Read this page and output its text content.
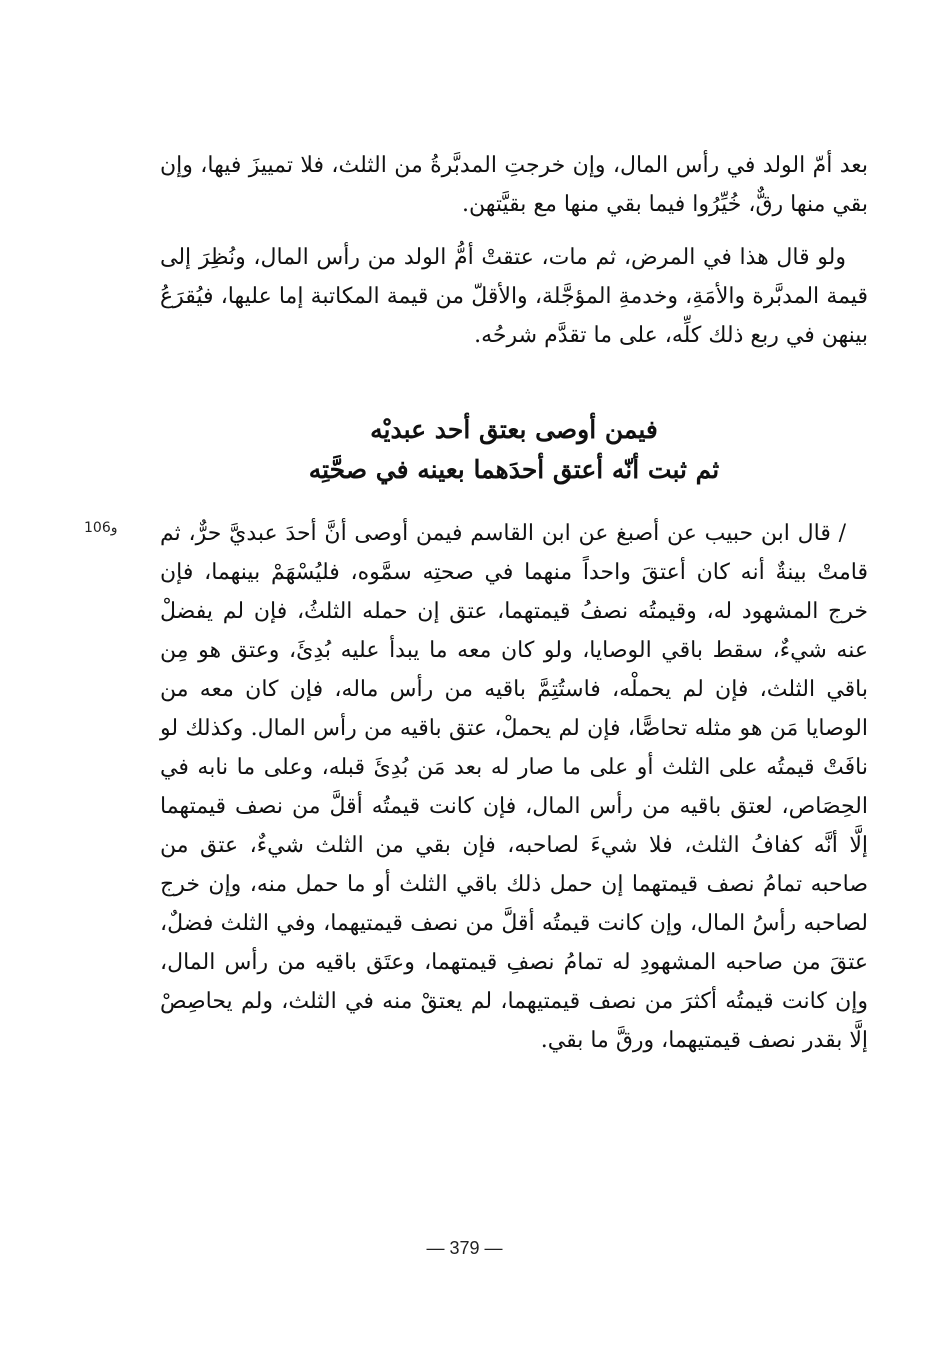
بعد أمّ الولد في رأس المال، وإن خرجتِ المدبَّرةُ من الثلث، فلا تمييزَ فيها، وإن بقي منها رقٌّ، خُيِّرُوا فيما بقي منها مع بقيَّتهن.

ولو قال هذا في المرض، ثم مات، عتقتْ أمُّ الولد من رأس المال، ونُظِرَ إلى قيمة المدبَّرة والأمَةِ، وخدمةِ المؤجَّلة، والأقلّ من قيمة المكاتبة إما عليها، فيُقرَعُ بينهن في ربع ذلك كلِّه، على ما تقدَّم شرحُه.

فيمن أوصى بعتق أحد عبديْه
ثم ثبت أنّه أعتق أحدَهما بعينه في صحَّتِه
و106 / قال ابن حبيب عن أصبغ عن ابن القاسم فيمن أوصى أنَّ أحدَ عبديَّ حرٌّ، ثم قامتْ بينةٌ أنه كان أعتقَ واحداً منهما في صحتِه سمَّوه، فليُسْهَمْ بينهما، فإن خرج المشهود له، وقيمتُه نصفُ قيمتهما، عتق إن حمله الثلثُ، فإن لم يفضلْ عنه شيءٌ، سقط باقي الوصايا، ولو كان معه ما يبدأ عليه بُدِئَ، وعتق هو مِن باقي الثلث، فإن لم يحملْه، فاستُتِمَّ باقيه من رأس ماله، فإن كان معه من الوصايا مَن هو مثله تحاصًّا، فإن لم يحملْ، عتق باقيه من رأس المال. وكذلك لو نافَتْ قيمتُه على الثلث أو على ما صار له بعد مَن بُدِئَ قبله، وعلى ما نابه في الحِصَاص، لعتق باقيه من رأس المال، فإن كانت قيمتُه أقلَّ من نصف قيمتهما إلَّا أنَّه كفافُ الثلث، فلا شيءَ لصاحبه، فإن بقي من الثلث شيءٌ، عتق من صاحبه تمامُ نصف قيمتهما إن حمل ذلك باقي الثلث أو ما حمل منه، وإن خرج لصاحبه رأسُ المال، وإن كانت قيمتُه أقلَّ من نصف قيمتيهما، وفي الثلث فضلٌ، عتقَ من صاحبه المشهودِ له تمامُ نصفِ قيمتهما، وعتَق باقيه من رأس المال، وإن كانت قيمتُه أكثرَ من نصف قيمتيهما، لم يعتقْ منه في الثلث، ولم يحاصِصْ إلَّا بقدر نصف قيمتيهما، ورقَّ ما بقي.

— 379 —
